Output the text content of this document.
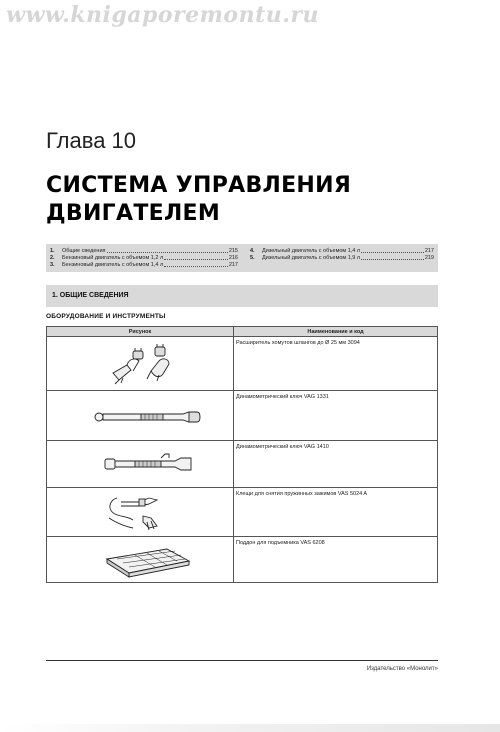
www.knigaporemontu.ru
Глава 10
СИСТЕМА УПРАВЛЕНИЯ
ДВИГАТЕЛЕМ
1.	Общие сведения	215
2.	Бензиновый двигатель с объемом 1,2 л	216
3.	Бензиновый двигатель с объемом 1,4 л	217
4.	Дизельный двигатель с объемом 1,4 л	217
5.	Дизельный двигатель с объемом 1,9 л	219
1. ОБЩИЕ СВЕДЕНИЯ
ОБОРУДОВАНИЕ И ИНСТРУМЕНТЫ
Рисунок	Наименование и код

	Расширитель хомутов шлангов до Ø 25 мм 3094

	Динамометрический ключ VAG 1331

	Динамометрический ключ VAG 1410

	Клещи для снятия пружинных зажимов VAS 5024 A

	Поддон для подъемника VAS 6208
Издательство «Монолит»
